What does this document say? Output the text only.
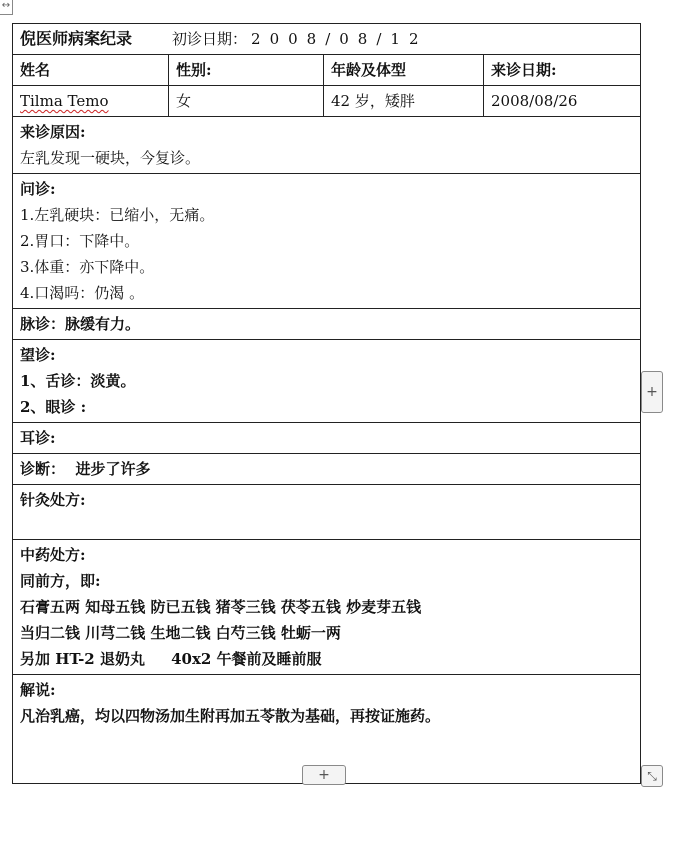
↔
倪医师病案纪录 初诊日期： 2008/08/12			
姓名	性别:	年龄及体型	来诊日期:
Tilma Temo	女	42 岁，矮胖	2008/08/26

来诊原因:
左乳发现一硬块，今复诊。			

问诊:
1.左乳硬块：已缩小，无痛。
2.胃口：下降中。
3.体重：亦下降中。
4.口渴吗：仍渴 。			

脉诊：脉缓有力。			

望诊:
1、舌诊：淡黄。
2、眼诊 :			

耳诊:			
诊断：  进步了许多			
针灸处方:			

中药处方:
同前方，即:
石膏五两 知母五钱 防已五钱 猪苓三钱 茯苓五钱 炒麦芽五钱
当归二钱 川芎二钱 生地二钱 白芍三钱 牡蛎一两
另加 HT-2 退奶丸     40x2 午餐前及睡前服			

解说:
凡治乳癌，均以四物汤加生附再加五苓散为基础，再按证施药。			
+
+	⤡
